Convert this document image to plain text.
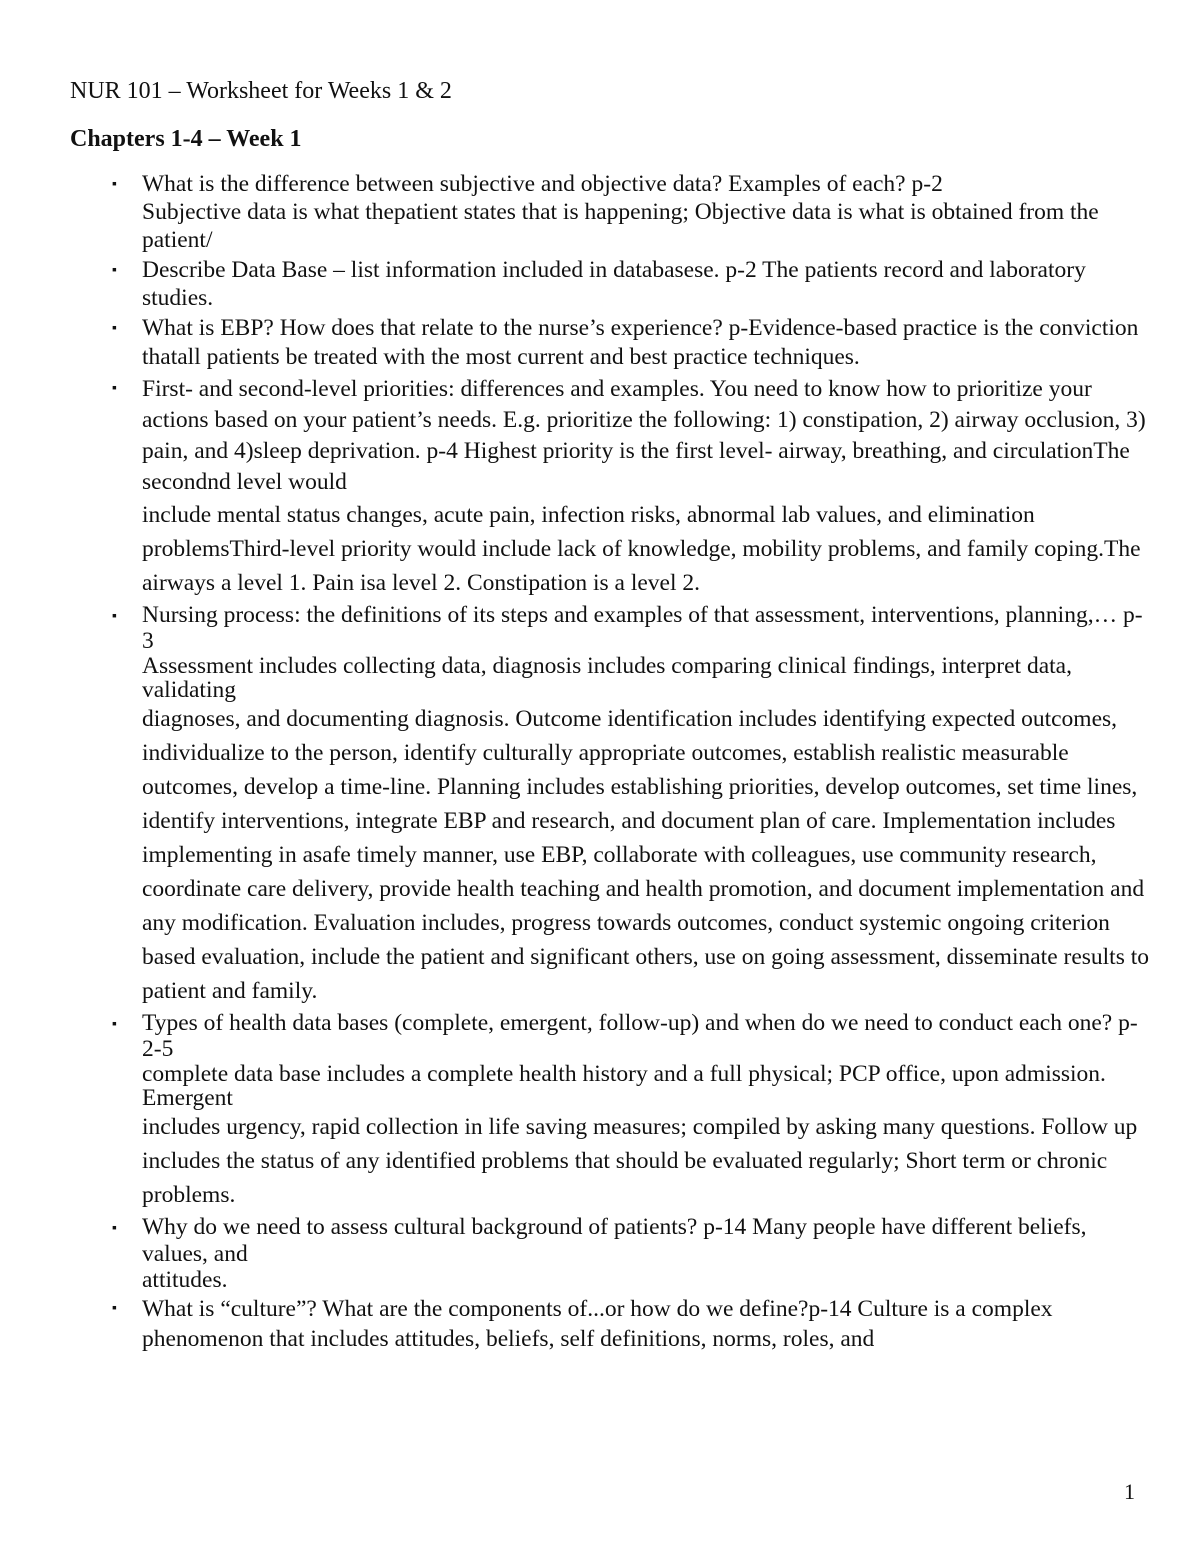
NUR 101 – Worksheet for Weeks 1 & 2
Chapters 1-4 – Week 1
▪ What is the difference between subjective and objective data? Examples of each? p-2

Subjective data is what thepatient states that is happening; Objective data is what is obtained from the patient/

▪ Describe Data Base – list information included in databasese. p-2 The patients record and laboratory studies.

▪ What is EBP? How does that relate to the nurse’s experience? p-Evidence-based practice is the conviction thatall patients be treated with the most current and best practice techniques.

▪ First- and second-level priorities: differences and examples. You need to know how to prioritize your actions based on your patient’s needs. E.g. prioritize the following: 1) constipation, 2) airway occlusion, 3) pain, and 4)sleep deprivation. p-4 Highest priority is the first level- airway, breathing, and circulationThe secondnd level would

include mental status changes, acute pain, infection risks, abnormal lab values, and elimination problemsThird-level priority would include lack of knowledge, mobility problems, and family coping.The airways a level 1. Pain isa level 2. Constipation is a level 2.

▪ Nursing process: the definitions of its steps and examples of that assessment, interventions, planning,… p-3

Assessment includes collecting data, diagnosis includes comparing clinical findings, interpret data, validating

diagnoses, and documenting diagnosis. Outcome identification includes identifying expected outcomes, individualize to the person, identify culturally appropriate outcomes, establish realistic measurable outcomes, develop a time-line. Planning includes establishing priorities, develop outcomes, set time lines, identify interventions, integrate EBP and research, and document plan of care. Implementation includes implementing in asafe timely manner, use EBP, collaborate with colleagues, use community research, coordinate care delivery, provide health teaching and health promotion, and document implementation and any modification. Evaluation includes, progress towards outcomes, conduct systemic ongoing criterion based evaluation, include the patient and significant others, use on going assessment, disseminate results to patient and family.

▪ Types of health data bases (complete, emergent, follow-up) and when do we need to conduct each one? p-2-5

complete data base includes a complete health history and a full physical; PCP office, upon admission. Emergent

includes urgency, rapid collection in life saving measures; compiled by asking many questions. Follow up includes the status of any identified problems that should be evaluated regularly; Short term or chronic problems.

▪ Why do we need to assess cultural background of patients? p-14 Many people have different beliefs, values, and

attitudes.

▪ What is “culture”? What are the components of...or how do we define?p-14 Culture is a complex phenomenon that includes attitudes, beliefs, self definitions, norms, roles, and

1
